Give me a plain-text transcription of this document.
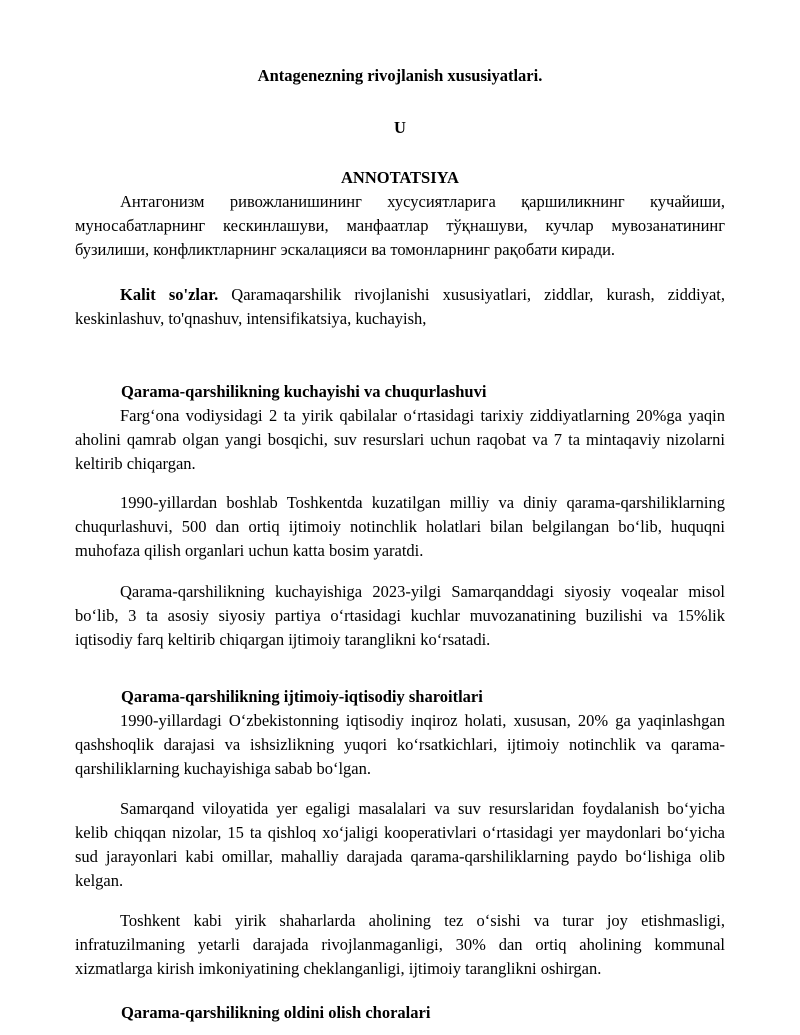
Antagenezning rivojlanish xususiyatlari.
U
ANNOTATSIYA
Антагонизм ривожланишининг хусусиятларига қаршиликнинг кучайиши, муносабатларнинг кескинлашуви, манфаатлар тўқнашуви, кучлар мувозанатининг бузилиши, конфликтларнинг эскалацияси ва томонларнинг рақобати киради.
Kalit so'zlar. Qaramaqarshilik rivojlanishi xususiyatlari, ziddlar, kurash, ziddiyat, keskinlashuv, to'qnashuv, intensifikatsiya, kuchayish,
Qarama-qarshilikning kuchayishi va chuqurlashuvi
Farg‘ona vodiysidagi 2 ta yirik qabilalar o‘rtasidagi tarixiy ziddiyatlarning 20%ga yaqin aholini qamrab olgan yangi bosqichi, suv resurslari uchun raqobat va 7 ta mintaqaviy nizolarni keltirib chiqargan.
1990-yillardan boshlab Toshkentda kuzatilgan milliy va diniy qarama-qarshiliklarning chuqurlashuvi, 500 dan ortiq ijtimoiy notinchlik holatlari bilan belgilangan bo‘lib, huquqni muhofaza qilish organlari uchun katta bosim yaratdi.
Qarama-qarshilikning kuchayishiga 2023-yilgi Samarqanddagi siyosiy voqealar misol bo‘lib, 3 ta asosiy siyosiy partiya o‘rtasidagi kuchlar muvozanatining buzilishi va 15%lik iqtisodiy farq keltirib chiqargan ijtimoiy taranglikni ko‘rsatadi.
Qarama-qarshilikning ijtimoiy-iqtisodiy sharoitlari
1990-yillardagi O‘zbekistonning iqtisodiy inqiroz holati, xususan, 20% ga yaqinlashgan qashshoqlik darajasi va ishsizlikning yuqori ko‘rsatkichlari, ijtimoiy notinchlik va qarama-qarshiliklarning kuchayishiga sabab bo‘lgan.
Samarqand viloyatida yer egaligi masalalari va suv resurslaridan foydalanish bo‘yicha kelib chiqqan nizolar, 15 ta qishloq xo‘jaligi kooperativlari o‘rtasidagi yer maydonlari bo‘yicha sud jarayonlari kabi omillar, mahalliy darajada qarama-qarshiliklarning paydo bo‘lishiga olib kelgan.
Toshkent kabi yirik shaharlarda aholining tez o‘sishi va turar joy etishmasligi, infratuzilmaning yetarli darajada rivojlanmaganligi, 30% dan ortiq aholining kommunal xizmatlarga kirish imkoniyatining cheklanganligi, ijtimoiy taranglikni oshirgan.
Qarama-qarshilikning oldini olish choralari
